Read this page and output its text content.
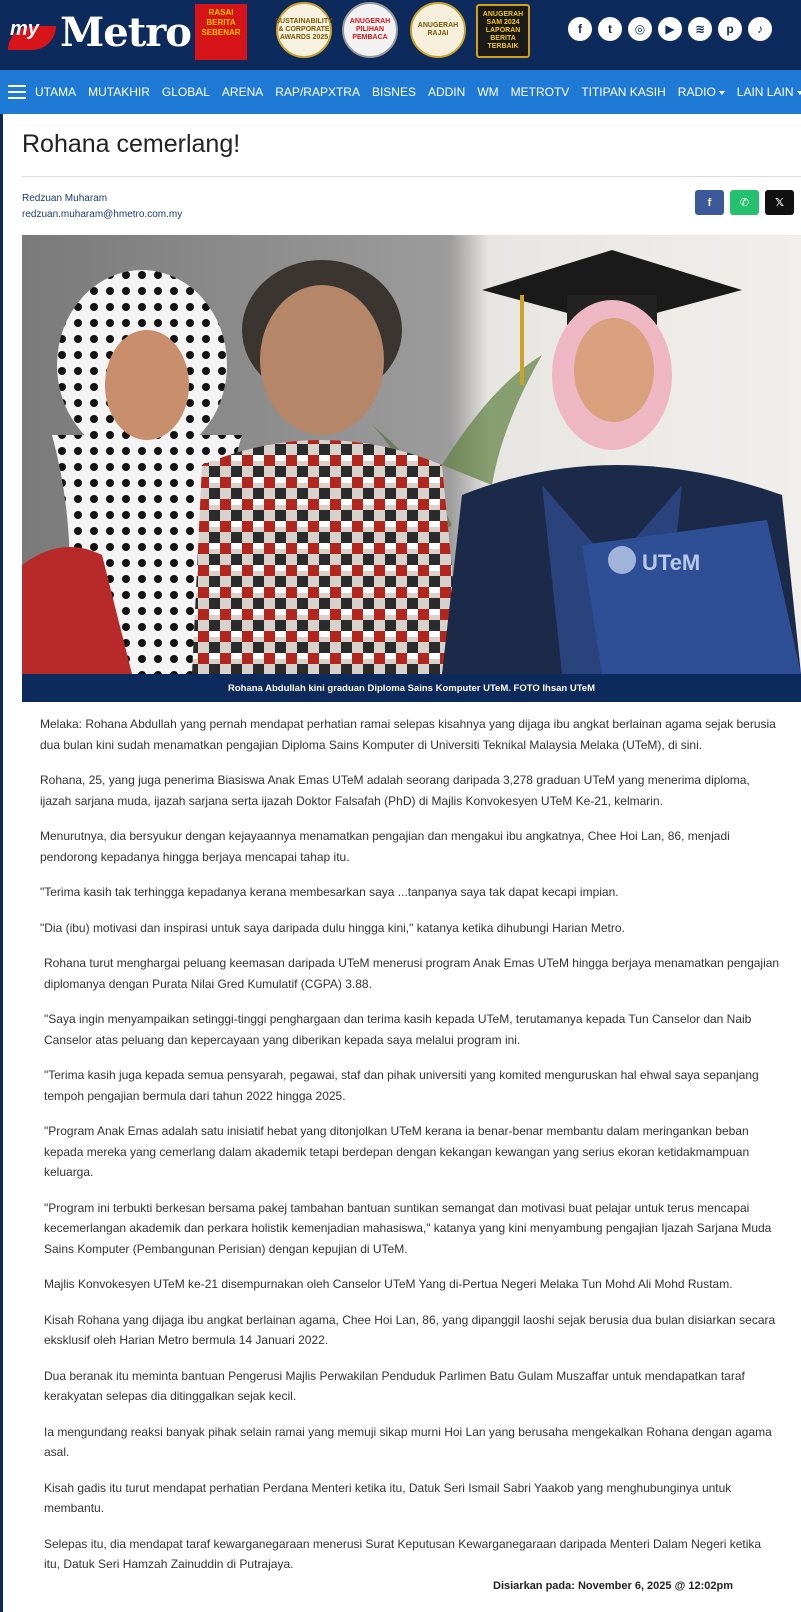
my Metro RASAI
BERITA
SEBENAR
SUSTAINABILITY & CORPORATE AWARDS 2025
ANUGERAH PILIHAN PEMBACA
ANUGERAH RAJAI
ANUGERAH SAM 2024 LAPORAN BERITA TERBAIK
f	t	◎	▶	≋	p	♪
UTAMA	MUTAKHIR	GLOBAL	ARENA	RAP/RAPXTRA	BISNES	ADDIN	WM	METROTV	TITIPAN KASIH	RADIO	LAIN LAIN
Rohana cemerlang!
Redzuan Muharam
redzuan.muharam@hmetro.com.my
f	✆	𝕏
UTeM
Rohana Abdullah kini graduan Diploma Sains Komputer UTeM. FOTO Ihsan UTeM

Melaka: Rohana Abdullah yang pernah mendapat perhatian ramai selepas kisahnya yang dijaga ibu angkat berlainan agama sejak berusia dua bulan kini sudah menamatkan pengajian Diploma Sains Komputer di Universiti Teknikal Malaysia Melaka (UTeM), di sini.

Rohana, 25, yang juga penerima Biasiswa Anak Emas UTeM adalah seorang daripada 3,278 graduan UTeM yang menerima diploma, ijazah sarjana muda, ijazah sarjana serta ijazah Doktor Falsafah (PhD) di Majlis Konvokesyen UTeM Ke-21, kelmarin.

Menurutnya, dia bersyukur dengan kejayaannya menamatkan pengajian dan mengakui ibu angkatnya, Chee Hoi Lan, 86, menjadi pendorong kepadanya hingga berjaya mencapai tahap itu.

"Terima kasih tak terhingga kepadanya kerana membesarkan saya ...tanpanya saya tak dapat kecapi impian.

"Dia (ibu) motivasi dan inspirasi untuk saya daripada dulu hingga kini," katanya ketika dihubungi Harian Metro.

Rohana turut menghargai peluang keemasan daripada UTeM menerusi program Anak Emas UTeM hingga berjaya menamatkan pengajian diplomanya dengan Purata Nilai Gred Kumulatif (CGPA) 3.88.

"Saya ingin menyampaikan setinggi-tinggi penghargaan dan terima kasih kepada UTeM, terutamanya kepada Tun Canselor dan Naib Canselor atas peluang dan kepercayaan yang diberikan kepada saya melalui program ini.

"Terima kasih juga kepada semua pensyarah, pegawai, staf dan pihak universiti yang komited menguruskan hal ehwal saya sepanjang tempoh pengajian bermula dari tahun 2022 hingga 2025.

"Program Anak Emas adalah satu inisiatif hebat yang ditonjolkan UTeM kerana ia benar-benar membantu dalam meringankan beban kepada mereka yang cemerlang dalam akademik tetapi berdepan dengan kekangan kewangan yang serius ekoran ketidakmampuan keluarga.

"Program ini terbukti berkesan bersama pakej tambahan bantuan suntikan semangat dan motivasi buat pelajar untuk terus mencapai kecemerlangan akademik dan perkara holistik kemenjadian mahasiswa," katanya yang kini menyambung pengajian Ijazah Sarjana Muda Sains Komputer (Pembangunan Perisian) dengan kepujian di UTeM.

Majlis Konvokesyen UTeM ke-21 disempurnakan oleh Canselor UTeM Yang di-Pertua Negeri Melaka Tun Mohd Ali Mohd Rustam.

Kisah Rohana yang dijaga ibu angkat berlainan agama, Chee Hoi Lan, 86, yang dipanggil laoshi sejak berusia dua bulan disiarkan secara eksklusif oleh Harian Metro bermula 14 Januari 2022.

Dua beranak itu meminta bantuan Pengerusi Majlis Perwakilan Penduduk Parlimen Batu Gulam Muszaffar untuk mendapatkan taraf kerakyatan selepas dia ditinggalkan sejak kecil.

Ia mengundang reaksi banyak pihak selain ramai yang memuji sikap murni Hoi Lan yang berusaha mengekalkan Rohana dengan agama asal.

Kisah gadis itu turut mendapat perhatian Perdana Menteri ketika itu, Datuk Seri Ismail Sabri Yaakob yang menghubunginya untuk membantu.

Selepas itu, dia mendapat taraf kewarganegaraan menerusi Surat Keputusan Kewarganegaraan daripada Menteri Dalam Negeri ketika itu, Datuk Seri Hamzah Zainuddin di Putrajaya.

Disiarkan pada: November 6, 2025 @ 12:02pm
